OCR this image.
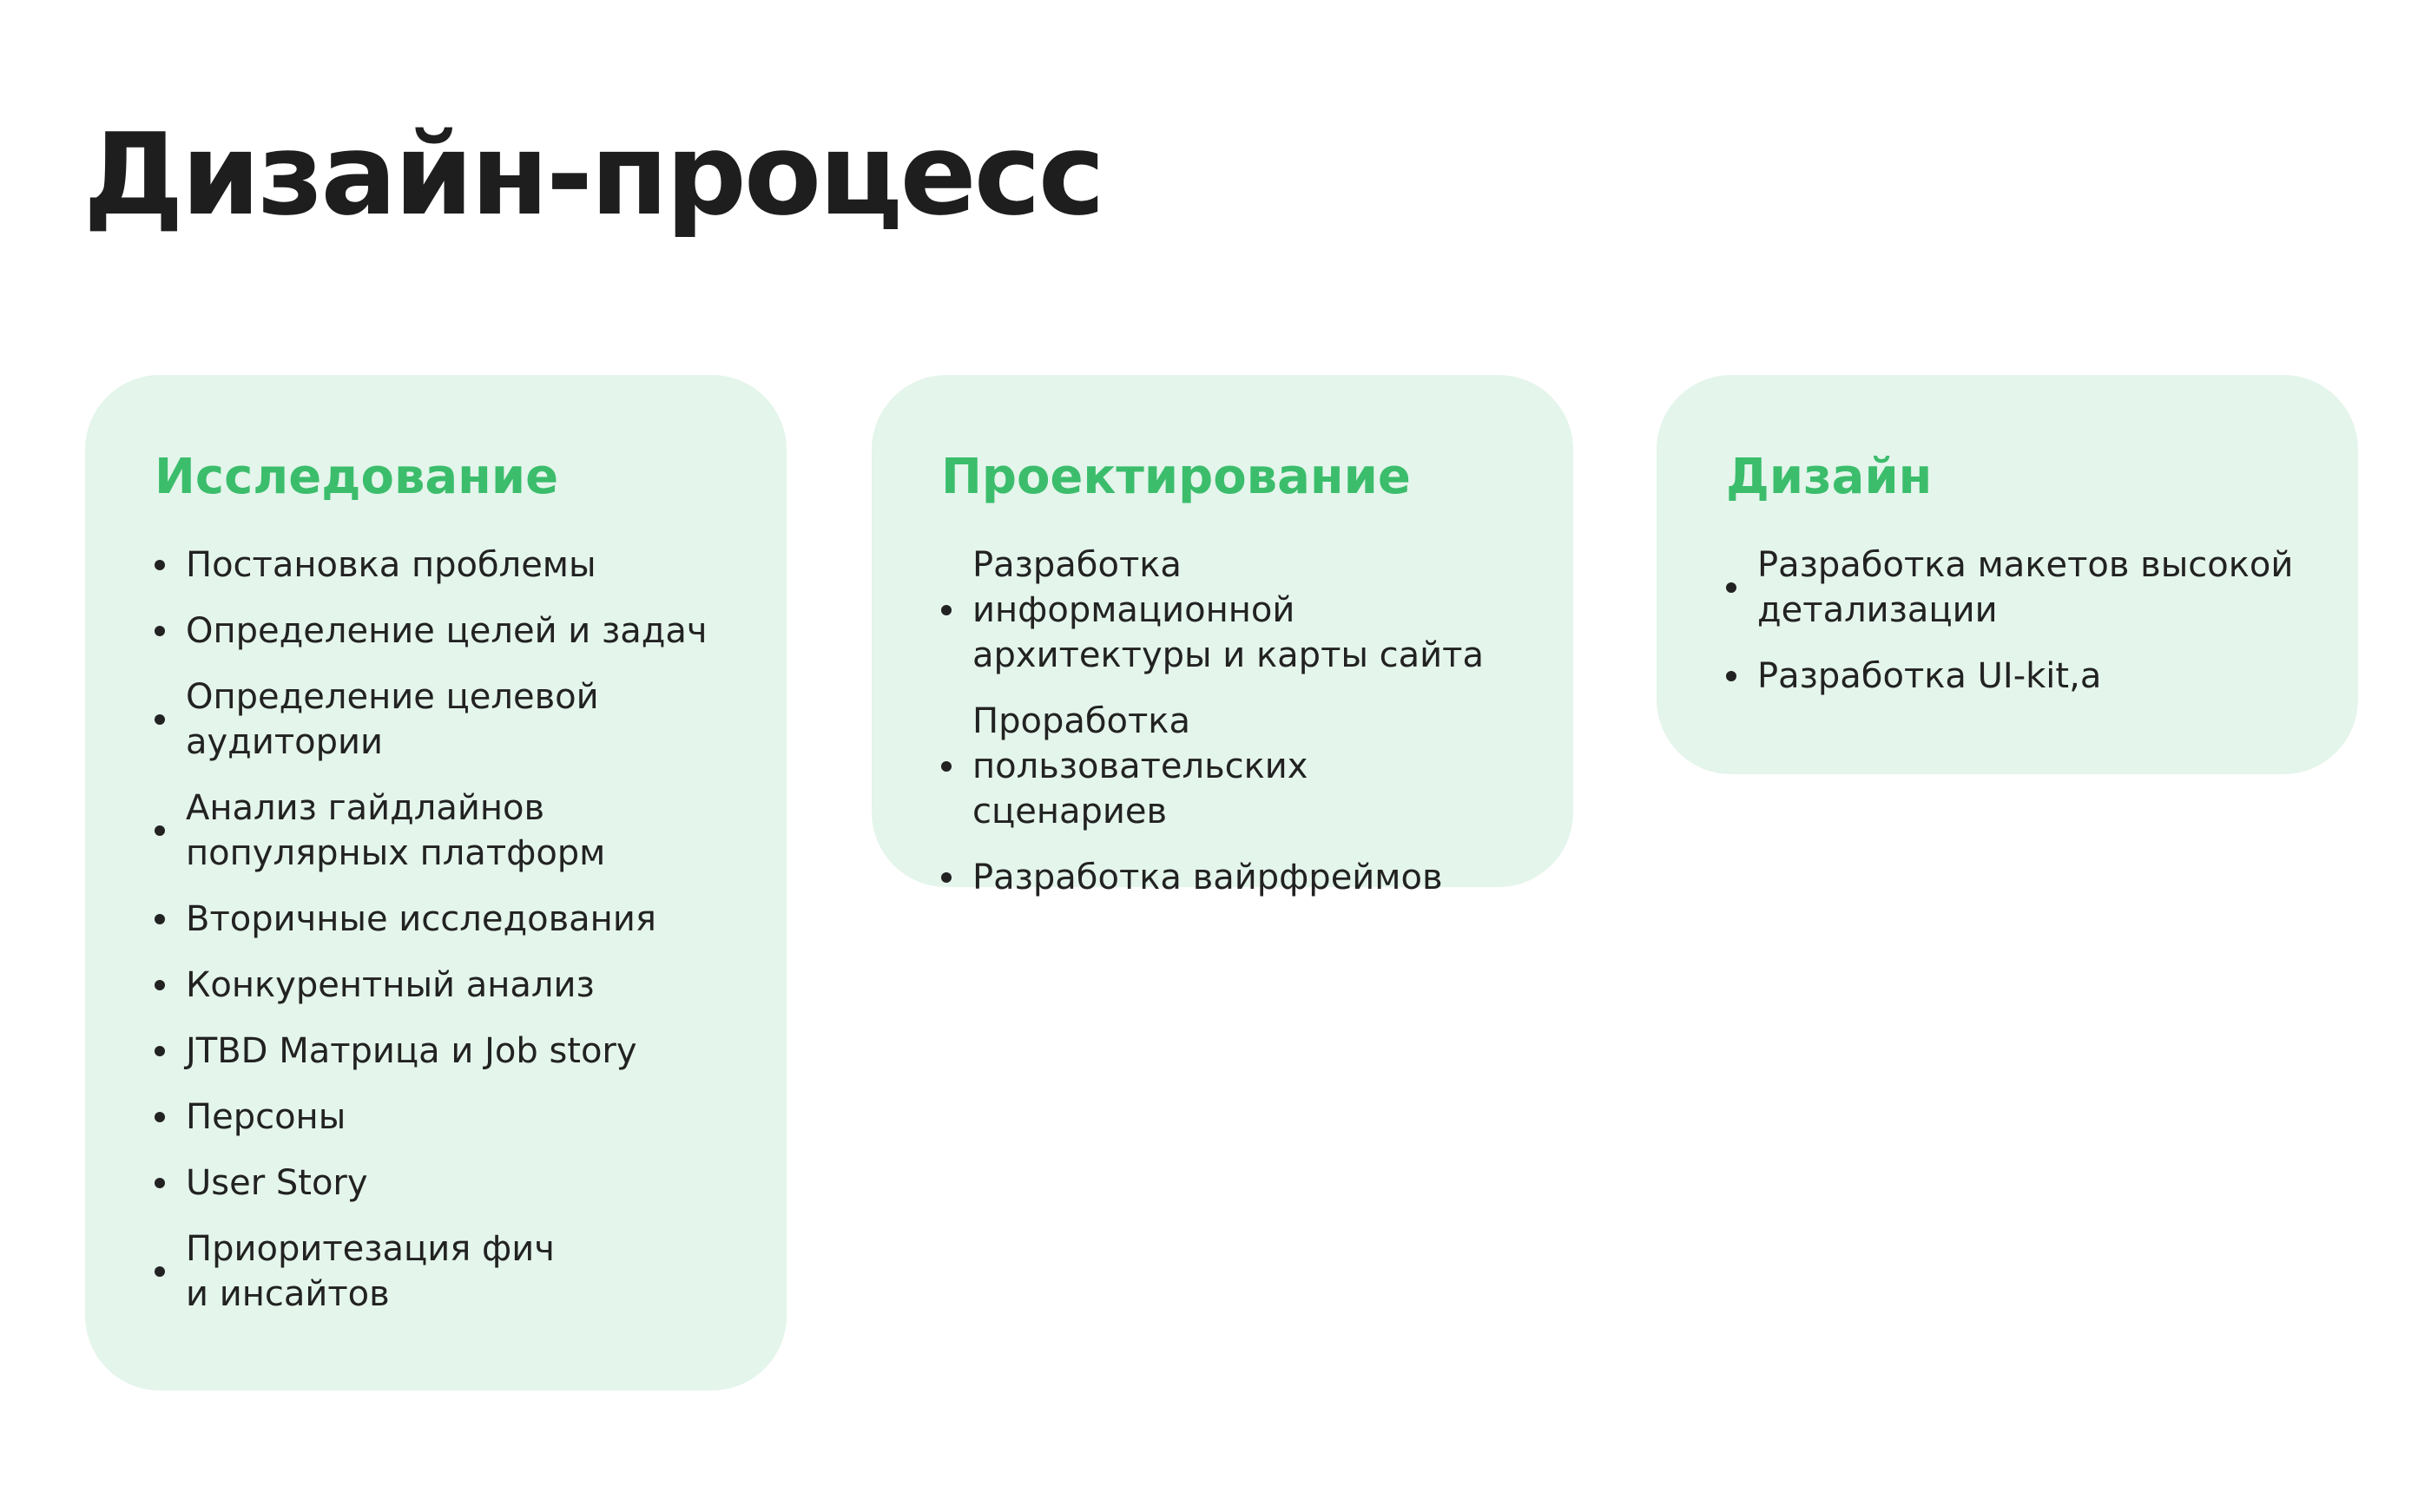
Дизайн-процесс
Исследование
Постановка проблемы
Определение целей и задач
Определение целевой
аудитории
Анализ гайдлайнов
популярных платформ
Вторичные исследования
Конкурентный анализ
JTBD Матрица и Job story
Персоны
User Story
Приоритезация фич
и инсайтов
Проектирование
Разработка информационной
архитектуры и карты сайта
Проработка
пользовательских сценариев
Разработка вайрфреймов
Дизайн
Разработка макетов высокой
детализации
Разработка UI-kit,а
